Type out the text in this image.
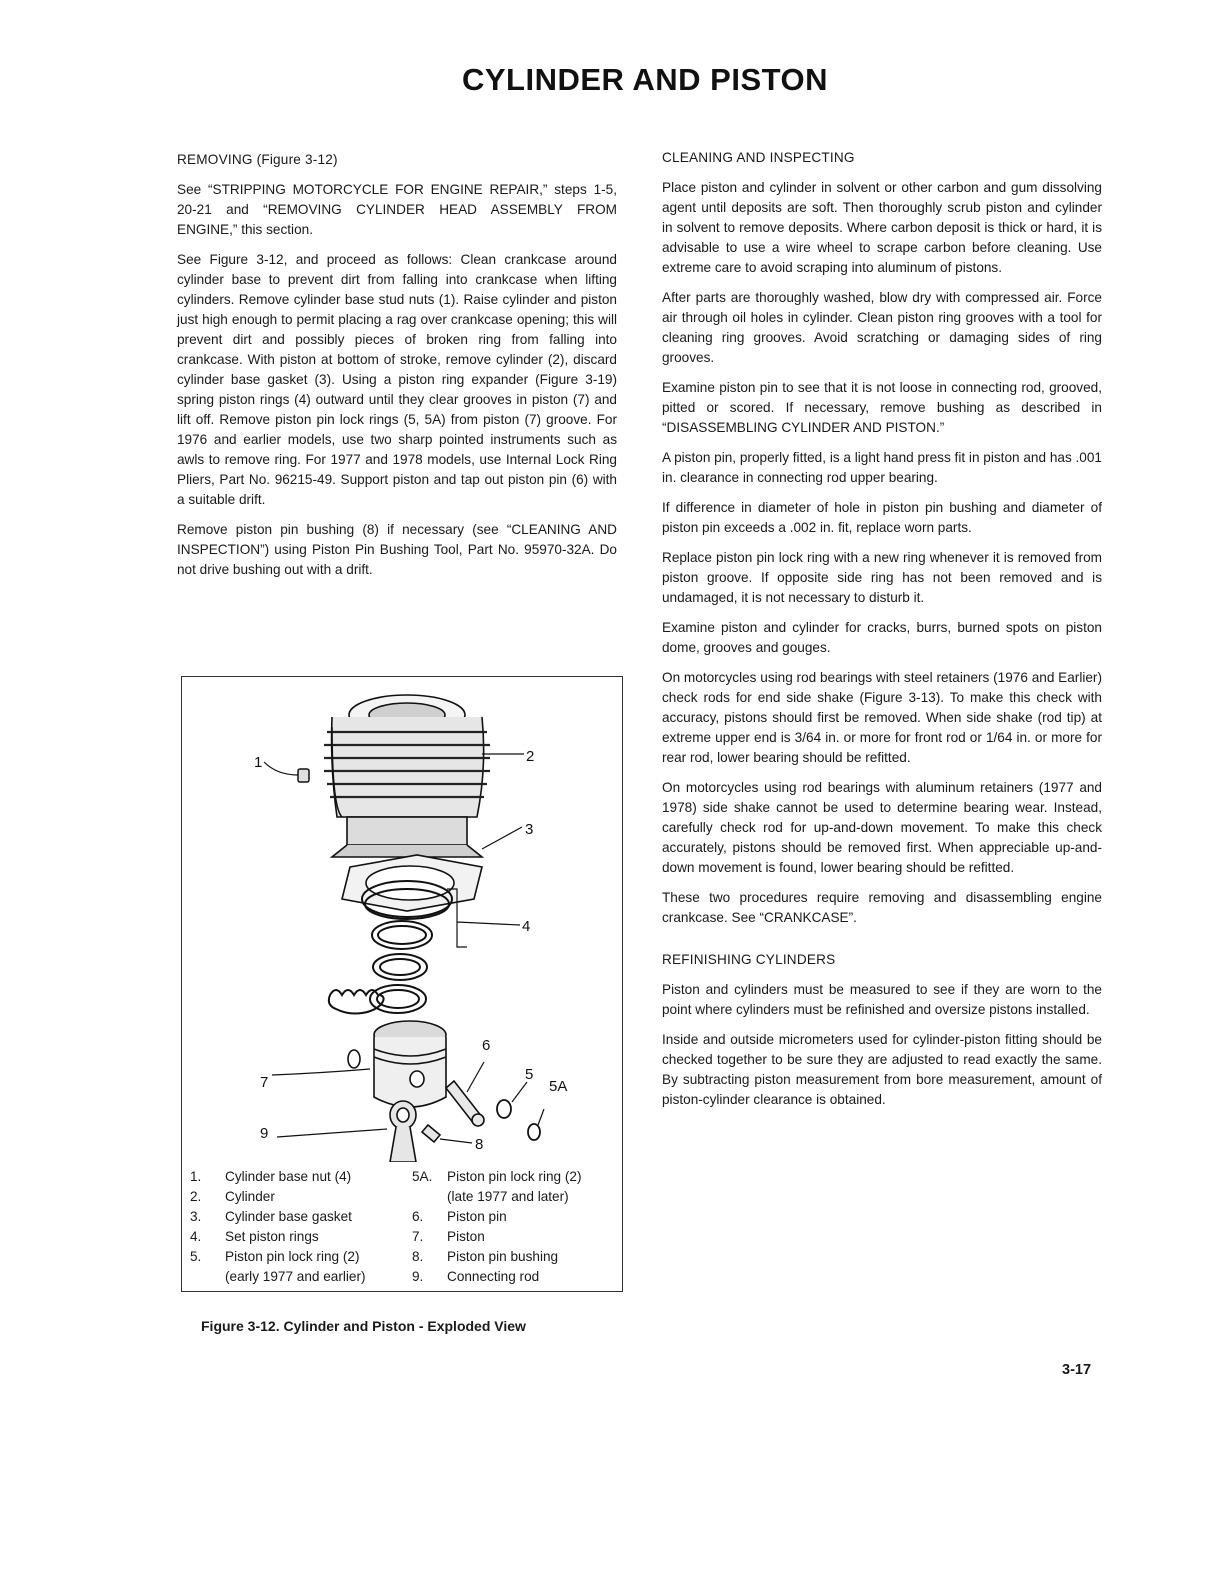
CYLINDER AND PISTON
REMOVING (Figure 3-12)

See “STRIPPING MOTORCYCLE FOR ENGINE REPAIR,” steps 1-5, 20-21 and “REMOVING CYLINDER HEAD ASSEMBLY FROM ENGINE,” this section.

See Figure 3-12, and proceed as follows: Clean crankcase around cylinder base to prevent dirt from falling into crankcase when lifting cylinders. Remove cylinder base stud nuts (1). Raise cylinder and piston just high enough to permit placing a rag over crankcase opening; this will prevent dirt and possibly pieces of broken ring from falling into crankcase. With piston at bottom of stroke, remove cylinder (2), discard cylinder base gasket (3). Using a piston ring expander (Figure 3-19) spring piston rings (4) outward until they clear grooves in piston (7) and lift off. Remove piston pin lock rings (5, 5A) from piston (7) groove. For 1976 and earlier models, use two sharp pointed instruments such as awls to remove ring. For 1977 and 1978 models, use Internal Lock Ring Pliers, Part No. 96215-49. Support piston and tap out piston pin (6) with a suitable drift.

Remove piston pin bushing (8) if necessary (see “CLEANING AND INSPECTION”) using Piston Pin Bushing Tool, Part No. 95970-32A. Do not drive bushing out with a drift.

1	2
3
4
5
5A
6
7
8
9
1. Cylinder base nut (4)
2. Cylinder
3. Cylinder base gasket
4. Set piston rings
5. Piston pin lock ring (2)
(early 1977 and earlier)
5A. Piston pin lock ring (2)
(late 1977 and later)
6. Piston pin
7. Piston
8. Piston pin bushing
9. Connecting rod
Figure 3-12. Cylinder and Piston - Exploded View
CLEANING AND INSPECTING

Place piston and cylinder in solvent or other carbon and gum dissolving agent until deposits are soft. Then thoroughly scrub piston and cylinder in solvent to remove deposits. Where carbon deposit is thick or hard, it is advisable to use a wire wheel to scrape carbon before cleaning. Use extreme care to avoid scraping into aluminum of pistons.

After parts are thoroughly washed, blow dry with compressed air. Force air through oil holes in cylinder. Clean piston ring grooves with a tool for cleaning ring grooves. Avoid scratching or damaging sides of ring grooves.

Examine piston pin to see that it is not loose in connecting rod, grooved, pitted or scored. If necessary, remove bushing as described in “DISASSEMBLING CYLINDER AND PISTON.”

A piston pin, properly fitted, is a light hand press fit in piston and has .001 in. clearance in connecting rod upper bearing.

If difference in diameter of hole in piston pin bushing and diameter of piston pin exceeds a .002 in. fit, replace worn parts.

Replace piston pin lock ring with a new ring whenever it is removed from piston groove. If opposite side ring has not been removed and is undamaged, it is not necessary to disturb it.

Examine piston and cylinder for cracks, burrs, burned spots on piston dome, grooves and gouges.

On motorcycles using rod bearings with steel retainers (1976 and Earlier) check rods for end side shake (Figure 3-13). To make this check with accuracy, pistons should first be removed. When side shake (rod tip) at extreme upper end is 3/64 in. or more for front rod or 1/64 in. or more for rear rod, lower bearing should be refitted.

On motorcycles using rod bearings with aluminum retainers (1977 and 1978) side shake cannot be used to determine bearing wear. Instead, carefully check rod for up-and-down movement. To make this check accurately, pistons should be removed first. When appreciable up-and-down movement is found, lower bearing should be refitted.

These two procedures require removing and disassembling engine crankcase. See “CRANKCASE”.

REFINISHING CYLINDERS

Piston and cylinders must be measured to see if they are worn to the point where cylinders must be refinished and oversize pistons installed.

Inside and outside micrometers used for cylinder-piston fitting should be checked together to be sure they are adjusted to read exactly the same. By subtracting piston measurement from bore measurement, amount of piston-cylinder clearance is obtained.

3-17
